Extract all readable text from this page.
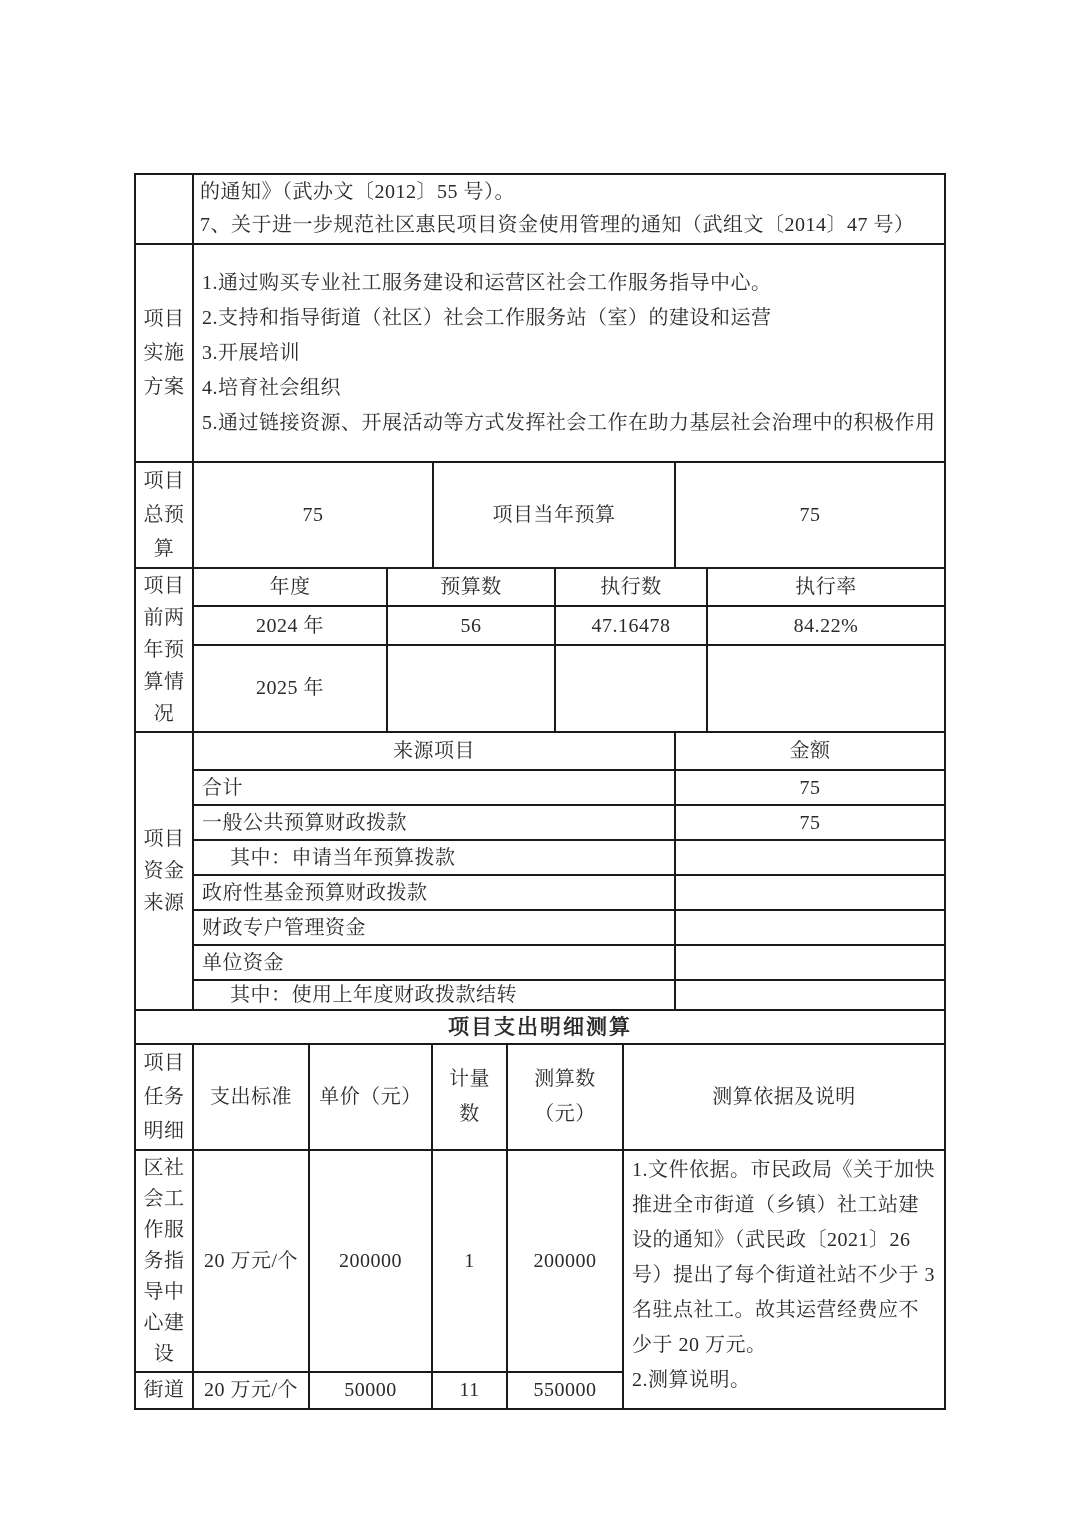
的通知》（武办文〔2012〕55 号）。
7、关于进一步规范社区惠民项目资金使用管理的通知（武组文〔2014〕47 号）
项目实施方案	
1.通过购买专业社工服务建设和运营区社会工作服务指导中心。
2.支持和指导街道（社区）社会工作服务站（室）的建设和运营
3.开展培训
4.培育社会组织
5.通过链接资源、开展活动等方式发挥社会工作在助力基层社会治理中的积极作用
项目总预算	75	项目当年预算	75
项目前两年预算情况	年度	预算数	执行数	执行率
	2024 年	56	47.16478	84.22%
	2025 年			
项目资金来源	来源项目	金额
	合计	75
	一般公共预算财政拨款	75
	其中：申请当年预算拨款	
	政府性基金预算财政拨款	
	财政专户管理资金	
	单位资金	
	其中：使用上年度财政拨款结转	
项目支出明细测算
项目任务明细	支出标准	单价（元）	计量数	测算数（元）	测算依据及说明
区社会工作服务指导中心建设	20 万元/个	200000	1	200000	1.文件依据。市民政局《关于加快推进全市街道（乡镇）社工站建设的通知》（武民政〔2021〕26 号）提出了每个街道社站不少于 3 名驻点社工。故其运营经费应不少于 20 万元。
2.测算说明。

街道	20 万元/个	50000	11	550000	
